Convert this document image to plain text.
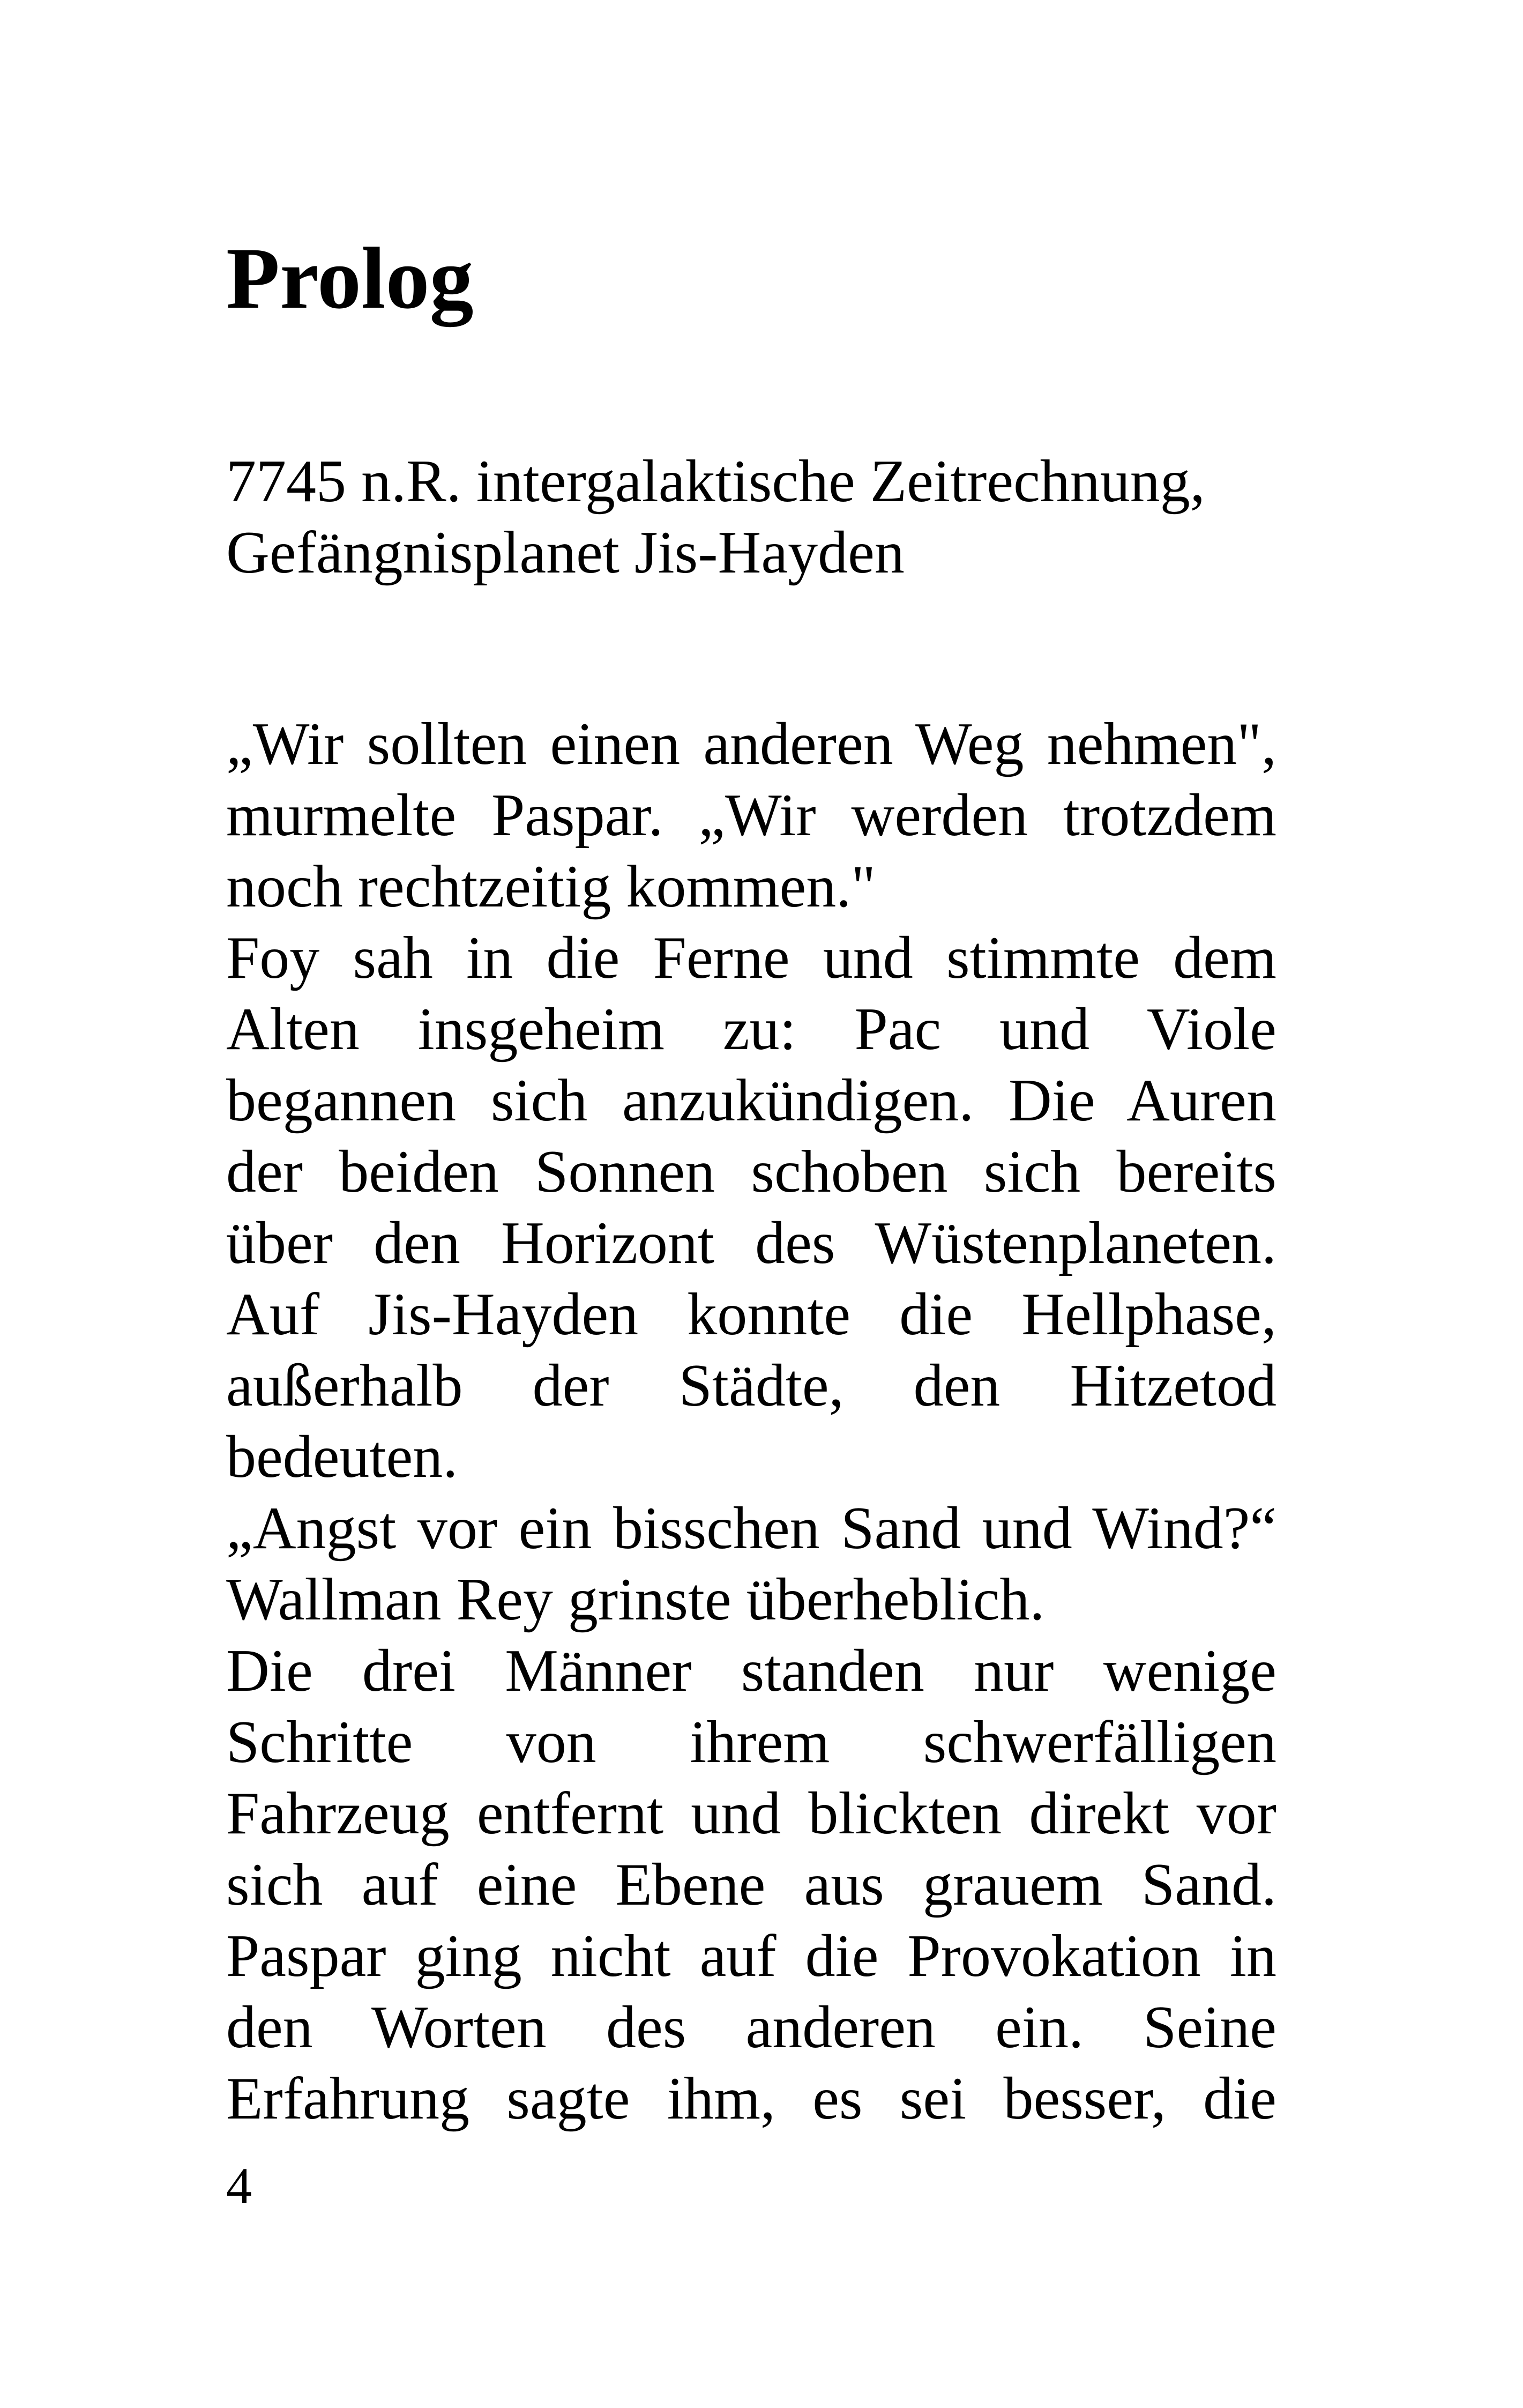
Prolog
7745 n.R. intergalaktische Zeitrechnung,
Gefängnisplanet Jis-Hayden

„Wir sollten einen anderen Weg nehmen", murmelte Paspar. „Wir werden trotzdem noch rechtzeitig kommen."

Foy sah in die Ferne und stimmte dem Alten insgeheim zu: Pac und Viole begannen sich anzukündigen. Die Auren der beiden Sonnen schoben sich bereits über den Horizont des Wüstenplaneten. Auf Jis-Hayden konnte die Hellphase, außerhalb der Städte, den Hitzetod bedeuten.

„Angst vor ein bisschen Sand und Wind?“ Wallman Rey grinste überheblich.

Die drei Männer standen nur wenige Schritte von ihrem schwerfälligen Fahrzeug entfernt und blickten direkt vor sich auf eine Ebene aus grauem Sand. Paspar ging nicht auf die Provokation in den Worten des anderen ein. Seine Erfahrung sagte ihm, es sei besser, die

4
